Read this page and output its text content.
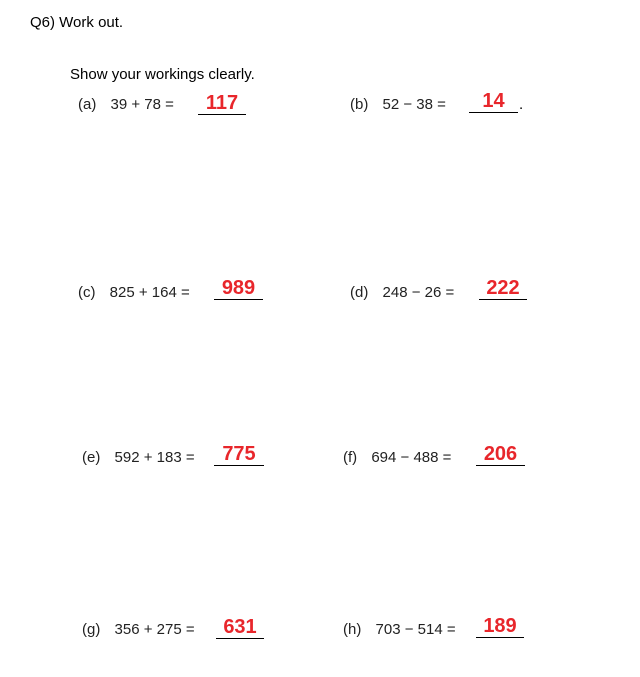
Q6) Work out.
Show your workings clearly.
(a) 39 + 78 =	117	(b) 52 − 38 =	14 .
(c) 825 + 164 =	989	(d) 248 − 26 =	222
(e) 592 + 183 =	775	(f) 694 − 488 =	206
(g) 356 + 275 =	631	(h) 703 − 514 =	189
